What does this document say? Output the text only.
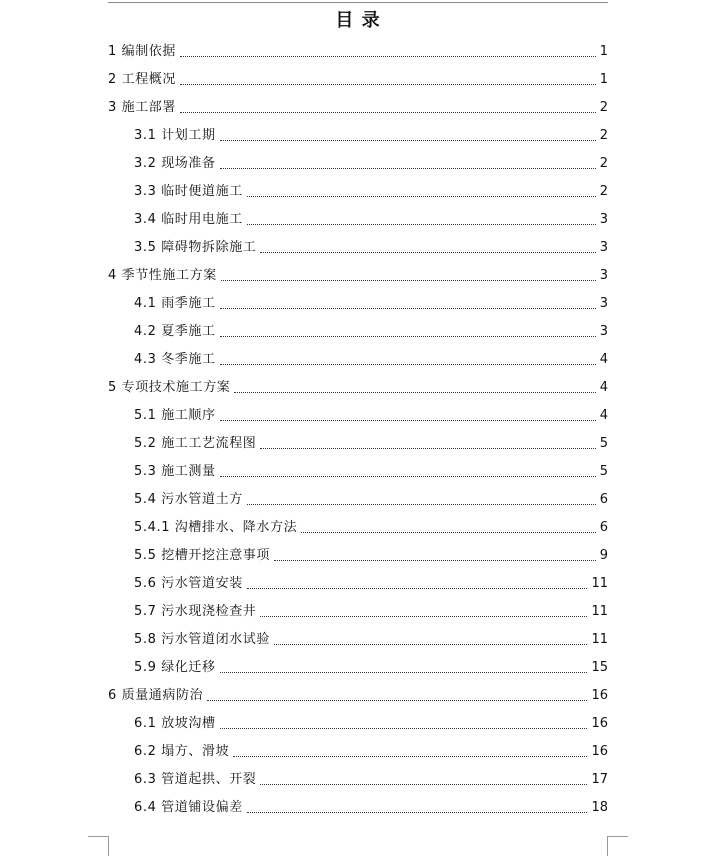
目 录
1 编制依据	1
2 工程概况	1
3 施工部署	2
3.1 计划工期	2
3.2 现场准备	2
3.3 临时便道施工	2
3.4 临时用电施工	3
3.5 障碍物拆除施工	3
4 季节性施工方案	3
4.1 雨季施工	3
4.2 夏季施工	3
4.3 冬季施工	4
5 专项技术施工方案	4
5.1 施工顺序	4
5.2 施工工艺流程图	5
5.3 施工测量	5
5.4 污水管道土方	6
5.4.1 沟槽排水、降水方法	6
5.5 挖槽开挖注意事项	9
5.6 污水管道安装	11
5.7 污水现浇检查井	11
5.8 污水管道闭水试验	11
5.9 绿化迁移	15
6 质量通病防治	16
6.1 放坡沟槽	16
6.2 塌方、滑坡	16
6.3 管道起拱、开裂	17
6.4 管道铺设偏差	18
